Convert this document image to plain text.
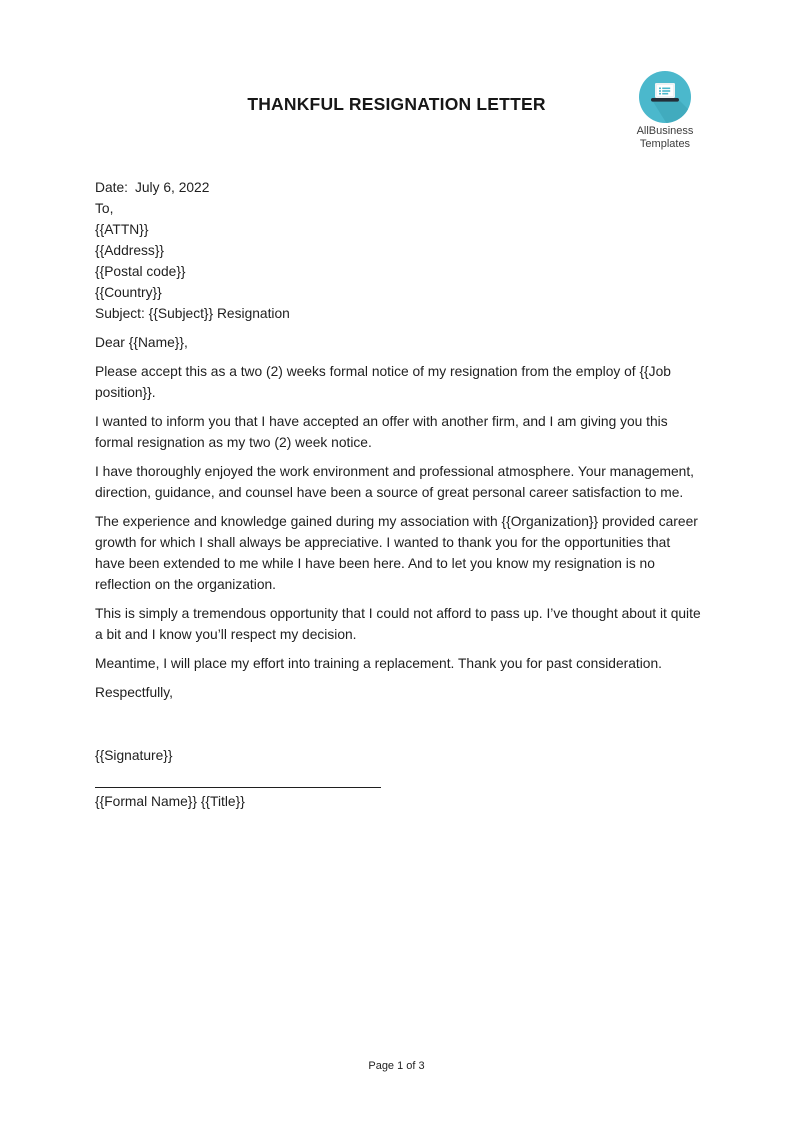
THANKFUL RESIGNATION LETTER
AllBusiness
Templates
Date: July 6, 2022
To,
{{ATTN}}
{{Address}}
{{Postal code}}
{{Country}}
Subject: {{Subject}} Resignation
Dear {{Name}},

Please accept this as a two (2) weeks formal notice of my resignation from the employ of {{Job position}}.

I wanted to inform you that I have accepted an offer with another firm, and I am giving you this formal resignation as my two (2) week notice.

I have thoroughly enjoyed the work environment and professional atmosphere. Your management, direction, guidance, and counsel have been a source of great personal career satisfaction to me.

The experience and knowledge gained during my association with {{Organization}} provided career growth for which I shall always be appreciative. I wanted to thank you for the opportunities that have been extended to me while I have been here. And to let you know my resignation is no reflection on the organization.

This is simply a tremendous opportunity that I could not afford to pass up. I’ve thought about it quite a bit and I know you’ll respect my decision.

Meantime, I will place my effort into training a replacement. Thank you for past consideration.

Respectfully,
{{Signature}}
{{Formal Name}} {{Title}}
Page 1 of 3
